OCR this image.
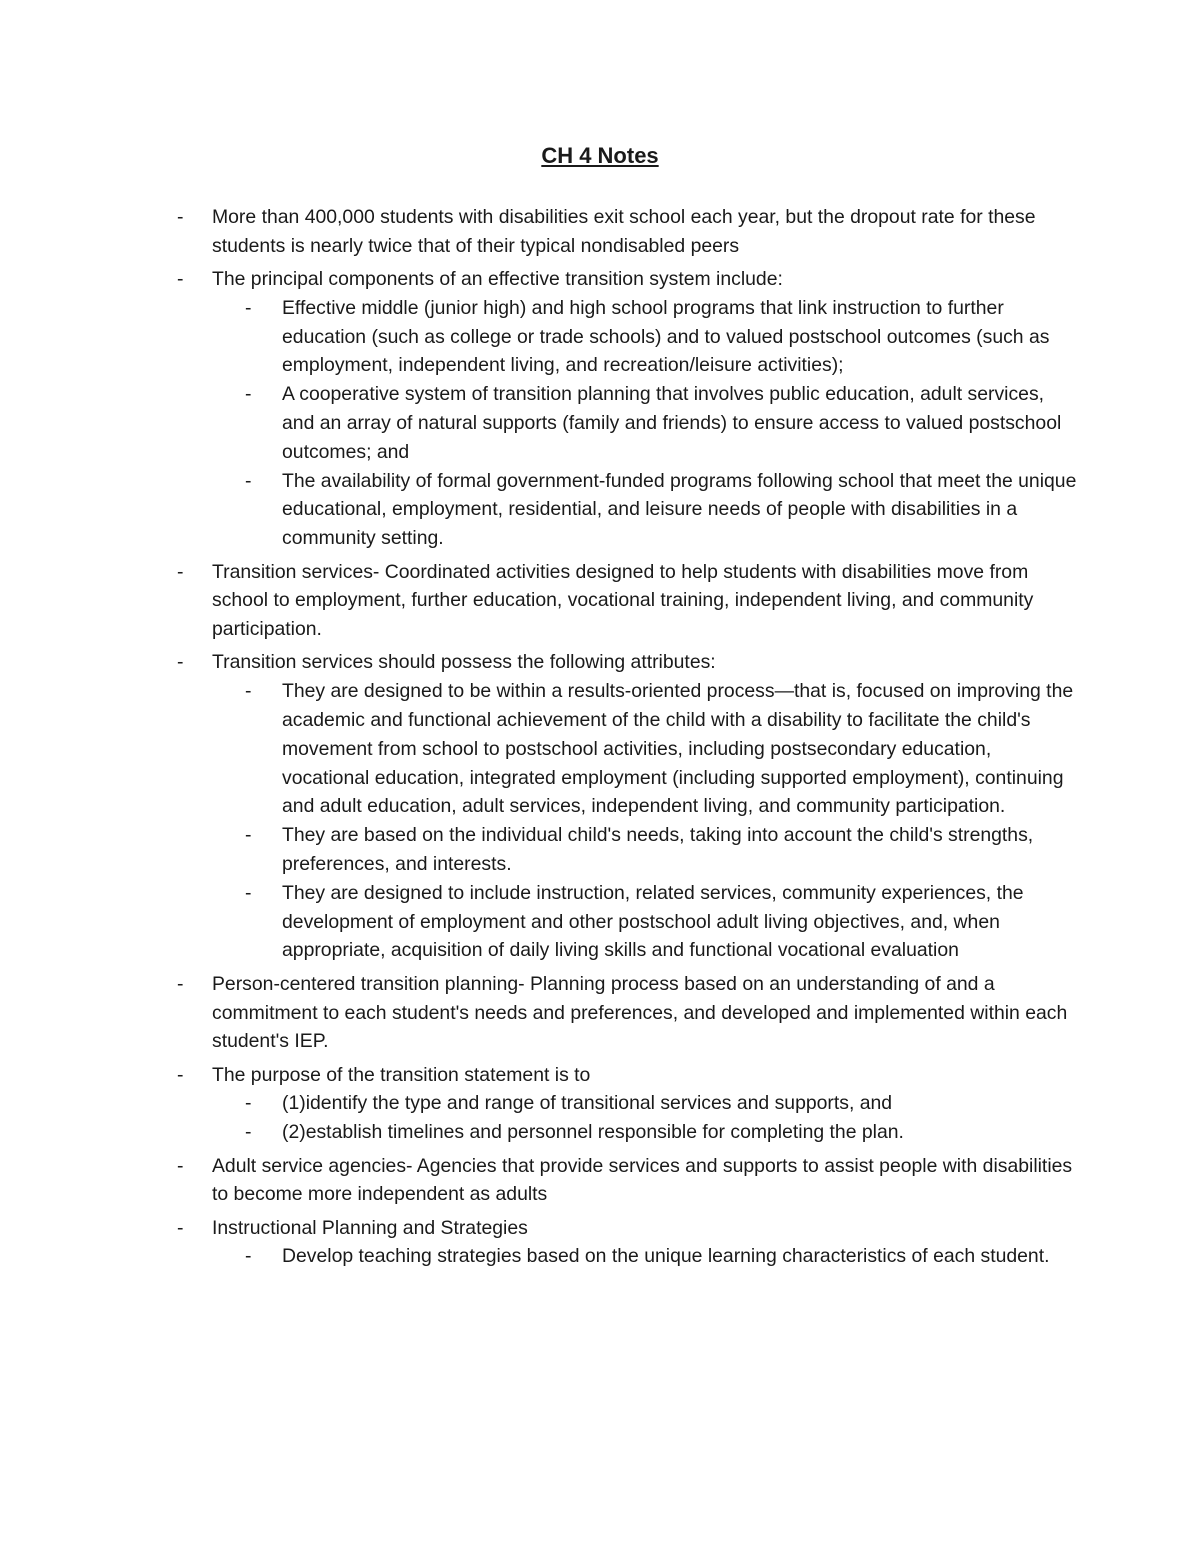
CH 4 Notes
- More than 400,000 students with disabilities exit school each year, but the dropout rate for these students is nearly twice that of their typical nondisabled peers
- The principal components of an effective transition system include:
- Effective middle (junior high) and high school programs that link instruction to further education (such as college or trade schools) and to valued postschool outcomes (such as employment, independent living, and recreation/leisure activities);
- A cooperative system of transition planning that involves public education, adult services, and an array of natural supports (family and friends) to ensure access to valued postschool outcomes; and
- The availability of formal government-funded programs following school that meet the unique educational, employment, residential, and leisure needs of people with disabilities in a community setting.
- Transition services- Coordinated activities designed to help students with disabilities move from school to employment, further education, vocational training, independent living, and community participation.
- Transition services should possess the following attributes:
- They are designed to be within a results-oriented process—that is, focused on improving the academic and functional achievement of the child with a disability to facilitate the child's movement from school to postschool activities, including postsecondary education, vocational education, integrated employment (including supported employment), continuing and adult education, adult services, independent living, and community participation.
- They are based on the individual child's needs, taking into account the child's strengths, preferences, and interests.
- They are designed to include instruction, related services, community experiences, the development of employment and other postschool adult living objectives, and, when appropriate, acquisition of daily living skills and functional vocational evaluation
- Person-centered transition planning- Planning process based on an understanding of and a commitment to each student's needs and preferences, and developed and implemented within each student's IEP.
- The purpose of the transition statement is to
- (1)identify the type and range of transitional services and supports, and
- (2)establish timelines and personnel responsible for completing the plan.
- Adult service agencies- Agencies that provide services and supports to assist people with disabilities to become more independent as adults
- Instructional Planning and Strategies
- Develop teaching strategies based on the unique learning characteristics of each student.
